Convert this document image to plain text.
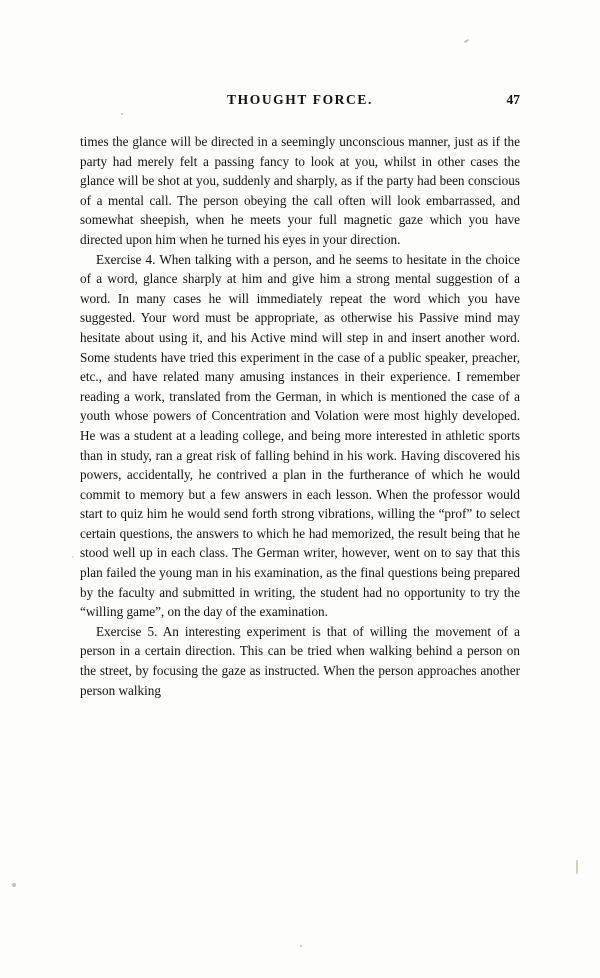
THOUGHT FORCE.	47

times the glance will be directed in a seemingly unconscious manner, just as if the party had merely felt a passing fancy to look at you, whilst in other cases the glance will be shot at you, suddenly and sharply, as if the party had been conscious of a mental call. The person obeying the call often will look embarrassed, and somewhat sheepish, when he meets your full magnetic gaze which you have directed upon him when he turned his eyes in your direction.

Exercise 4. When talking with a person, and he seems to hesitate in the choice of a word, glance sharply at him and give him a strong mental suggestion of a word. In many cases he will immediately repeat the word which you have suggested. Your word must be appropriate, as otherwise his Passive mind may hesitate about using it, and his Active mind will step in and insert another word. Some students have tried this experiment in the case of a public speaker, preacher, etc., and have related many amusing instances in their experience. I remember reading a work, translated from the German, in which is mentioned the case of a youth whose powers of Concentration and Volation were most highly developed. He was a student at a leading college, and being more interested in athletic sports than in study, ran a great risk of falling behind in his work. Having discovered his powers, accidentally, he contrived a plan in the furtherance of which he would commit to memory but a few answers in each lesson. When the professor would start to quiz him he would send forth strong vibrations, willing the “prof” to select certain questions, the answers to which he had memorized, the result being that he stood well up in each class. The German writer, however, went on to say that this plan failed the young man in his examination, as the final questions being prepared by the faculty and submitted in writing, the student had no opportunity to try the “willing game”, on the day of the examination.

Exercise 5. An interesting experiment is that of willing the movement of a person in a certain direction. This can be tried when walking behind a person on the street, by focusing the gaze as instructed. When the person approaches another person walking
